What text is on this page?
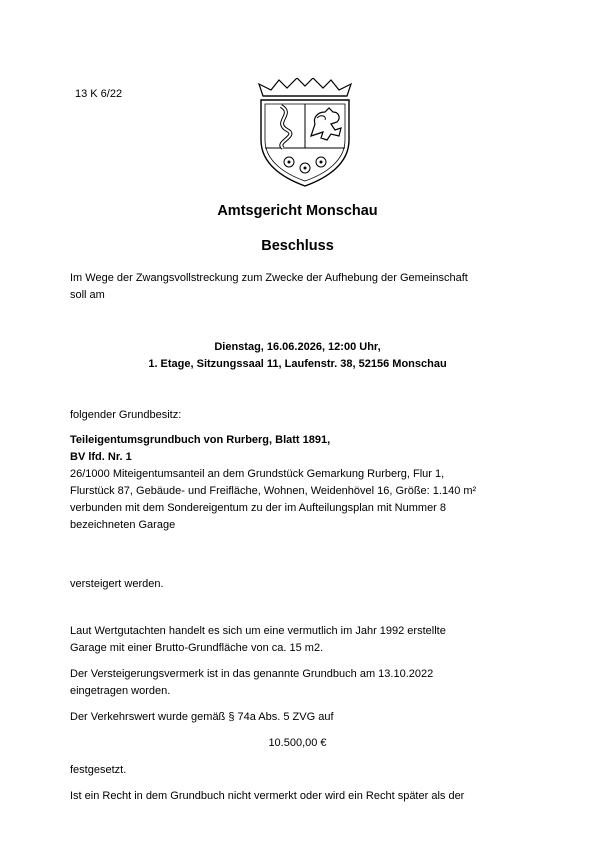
13 K 6/22
Amtsgericht Monschau
Beschluss
Im Wege der Zwangsvollstreckung zum Zwecke der Aufhebung der Gemeinschaft
soll am
Dienstag, 16.06.2026, 12:00 Uhr,
1. Etage, Sitzungssaal 11, Laufenstr. 38, 52156 Monschau
folgender Grundbesitz:
Teileigentumsgrundbuch von Rurberg, Blatt 1891,
BV lfd. Nr. 1
26/1000 Miteigentumsanteil an dem Grundstück Gemarkung Rurberg, Flur 1,
Flurstück 87, Gebäude- und Freifläche, Wohnen, Weidenhövel 16, Größe: 1.140 m²
verbunden mit dem Sondereigentum zu der im Aufteilungsplan mit Nummer 8
bezeichneten Garage
versteigert werden.
Laut Wertgutachten handelt es sich um eine vermutlich im Jahr 1992 erstellte
Garage mit einer Brutto-Grundfläche von ca. 15 m2.
Der Versteigerungsvermerk ist in das genannte Grundbuch am 13.10.2022
eingetragen worden.
Der Verkehrswert wurde gemäß § 74a Abs. 5 ZVG auf
10.500,00 €
festgesetzt.
Ist ein Recht in dem Grundbuch nicht vermerkt oder wird ein Recht später als der
